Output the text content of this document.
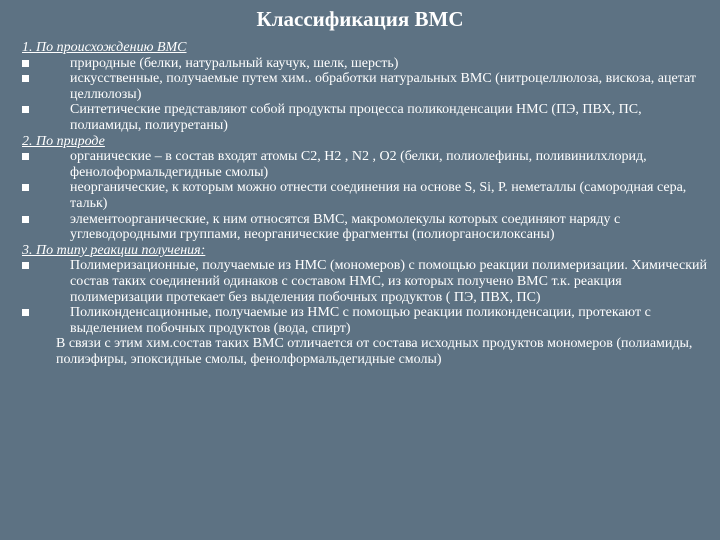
Классификация ВМС

1. По происхождению ВМС

природные (белки, натуральный каучук, шелк, шерсть)

искусственные, получаемые путем хим.. обработки натуральных ВМС (нитроцеллюлоза, вискоза, ацетат целлюлозы)

Синтетические представляют собой продукты процесса поликонденсации НМС (ПЭ, ПВХ, ПС, полиамиды, полиуретаны)

2. По природе

органические – в состав входят атомы С2, Н2 , N2 , О2 (белки, полиолефины, поливинилхлорид, фенолоформальдегидные смолы)

неорганические, к которым можно отнести соединения на основе S, Si, P. неметаллы (самородная сера, тальк)

элементоорганические, к ним относятся ВМС, макромолекулы которых соединяют наряду с углеводородными группами, неорганические фрагменты (полиорганосилоксаны)

3. По типу реакции получения:

Полимеризационные, получаемые из НМС (мономеров) с помощью реакции полимеризации. Химический состав таких соединений одинаков с составом НМС, из которых получено ВМС т.к. реакция полимеризации протекает без выделения побочных продуктов ( ПЭ, ПВХ, ПС)

Поликонденсационные, получаемые из НМС с помощью реакции поликонденсации, протекают с выделением побочных продуктов (вода, спирт)

В связи с этим хим.состав таких ВМС отличается от состава исходных продуктов мономеров (полиамиды, полиэфиры, эпоксидные смолы, фенолформальдегидные смолы)
